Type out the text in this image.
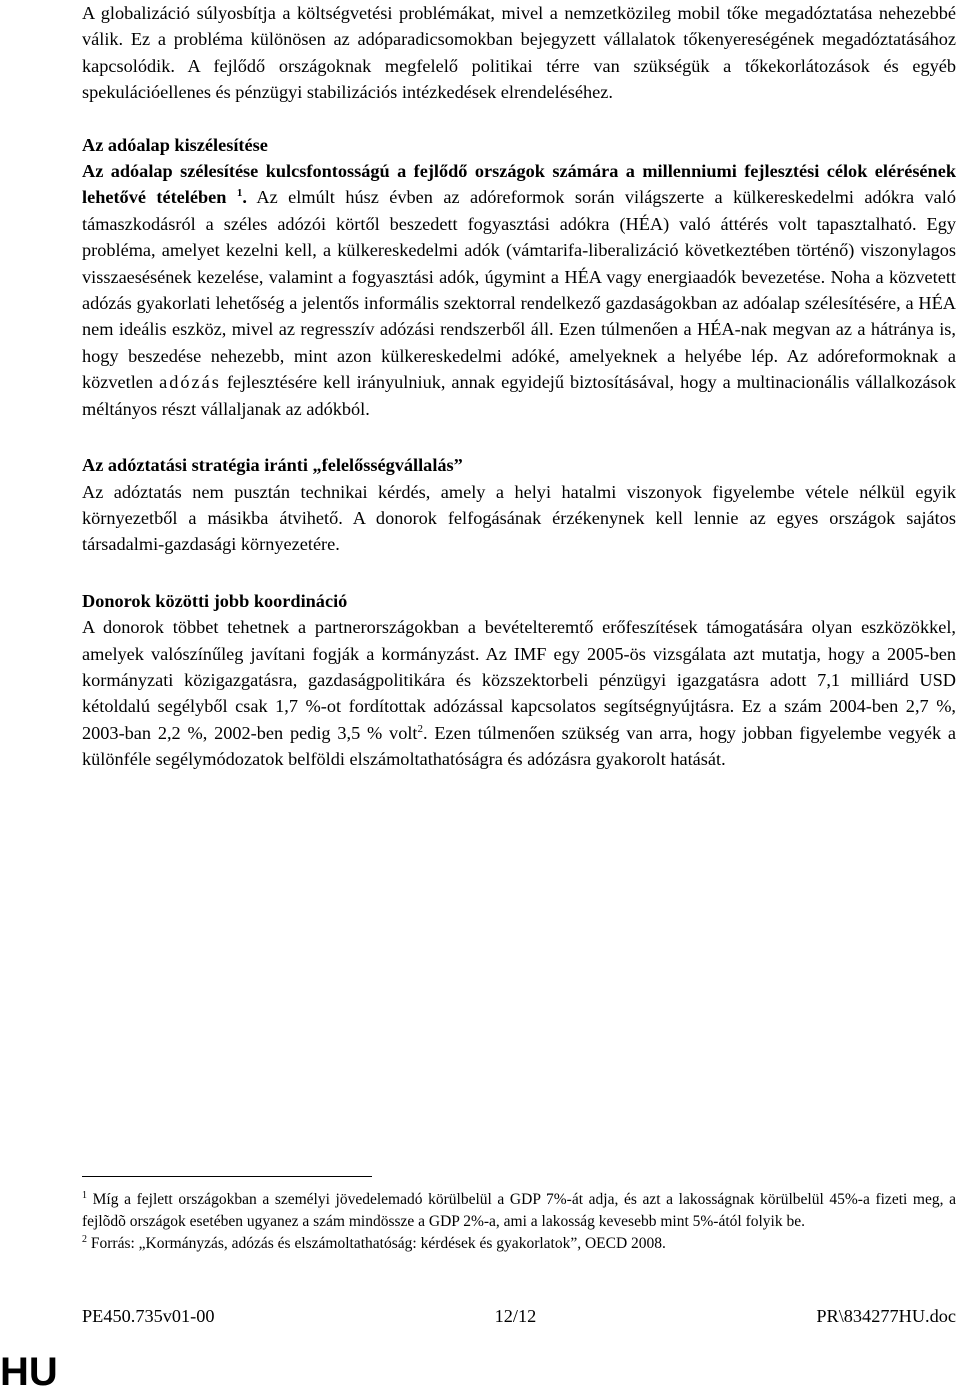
A globalizáció súlyosbítja a költségvetési problémákat, mivel a nemzetközileg mobil tőke megadóztatása nehezebbé válik. Ez a probléma különösen az adóparadicsomokban bejegyzett vállalatok tőkenyereségének megadóztatásához kapcsolódik. A fejlődő országoknak megfelelő politikai térre van szükségük a tőkekorlátozások és egyéb spekulációellenes és pénzügyi stabilizációs intézkedések elrendeléséhez.

Az adóalap kiszélesítése

Az adóalap szélesítése kulcsfontosságú a fejlődő országok számára a millenniumi fejlesztési célok elérésének lehetővé tételében $^1$. Az elmúlt húsz évben az adóreformok során világszerte a külkereskedelmi adókra való támaszkodásról a széles adózói körtől beszedett fogyasztási adókra (HÉA) való áttérés volt tapasztalható. Egy probléma, amelyet kezelni kell, a külkereskedelmi adók (vámtarifa-liberalizáció következtében történő) viszonylagos visszaesésének kezelése, valamint a fogyasztási adók, úgymint a HÉA vagy energiaadók bevezetése. Noha a közvetett adózás gyakorlati lehetőség a jelentős informális szektorral rendelkező gazdaságokban az adóalap szélesítésére, a HÉA nem ideális eszköz, mivel az regresszív adózási rendszerből áll. Ezen túlmenően a HÉA-nak megvan az a hátránya is, hogy beszedése nehezebb, mint azon külkereskedelmi adóké, amelyeknek a helyébe lép. Az adóreformoknak a közvetlen adózás fejlesztésére kell irányulniuk, annak egyidejű biztosításával, hogy a multinacionális vállalkozások méltányos részt vállaljanak az adókból.

Az adóztatási stratégia iránti „felelősségvállalás”

Az adóztatás nem pusztán technikai kérdés, amely a helyi hatalmi viszonyok figyelembe vétele nélkül egyik környezetből a másikba átvihető. A donorok felfogásának érzékenynek kell lennie az egyes országok sajátos társadalmi-gazdasági környezetére.

Donorok közötti jobb koordináció

A donorok többet tehetnek a partnerországokban a bevételteremtő erőfeszítések támogatására olyan eszközökkel, amelyek valószínűleg javítani fogják a kormányzást. Az IMF egy 2005-ös vizsgálata azt mutatja, hogy a 2005-ben kormányzati közigazgatásra, gazdaságpolitikára és közszektorbeli pénzügyi igazgatásra adott 7,1 milliárd USD kétoldalú segélyből csak 1,7 %-ot fordítottak adózással kapcsolatos segítségnyújtásra. Ez a szám 2004-ben 2,7 %, 2003-ban 2,2 %, 2002-ben pedig 3,5 % volt$^2$. Ezen túlmenően szükség van arra, hogy jobban figyelembe vegyék a különféle segélymódozatok belföldi elszámoltathatóságra és adózásra gyakorolt hatását.

$^1$ Míg a fejlett országokban a személyi jövedelemadó körülbelül a GDP 7%-át adja, és azt a lakosságnak körülbelül 45%-a fizeti meg, a fejlõdõ országok esetében ugyanez a szám mindössze a GDP 2%-a, ami a lakosság kevesebb mint 5%-ától folyik be.

$^2$ Forrás: „Kormányzás, adózás és elszámoltathatóság: kérdések és gyakorlatok”, OECD 2008.

PE450.735v01-00	12/12	PR\834277HU.doc
HU
